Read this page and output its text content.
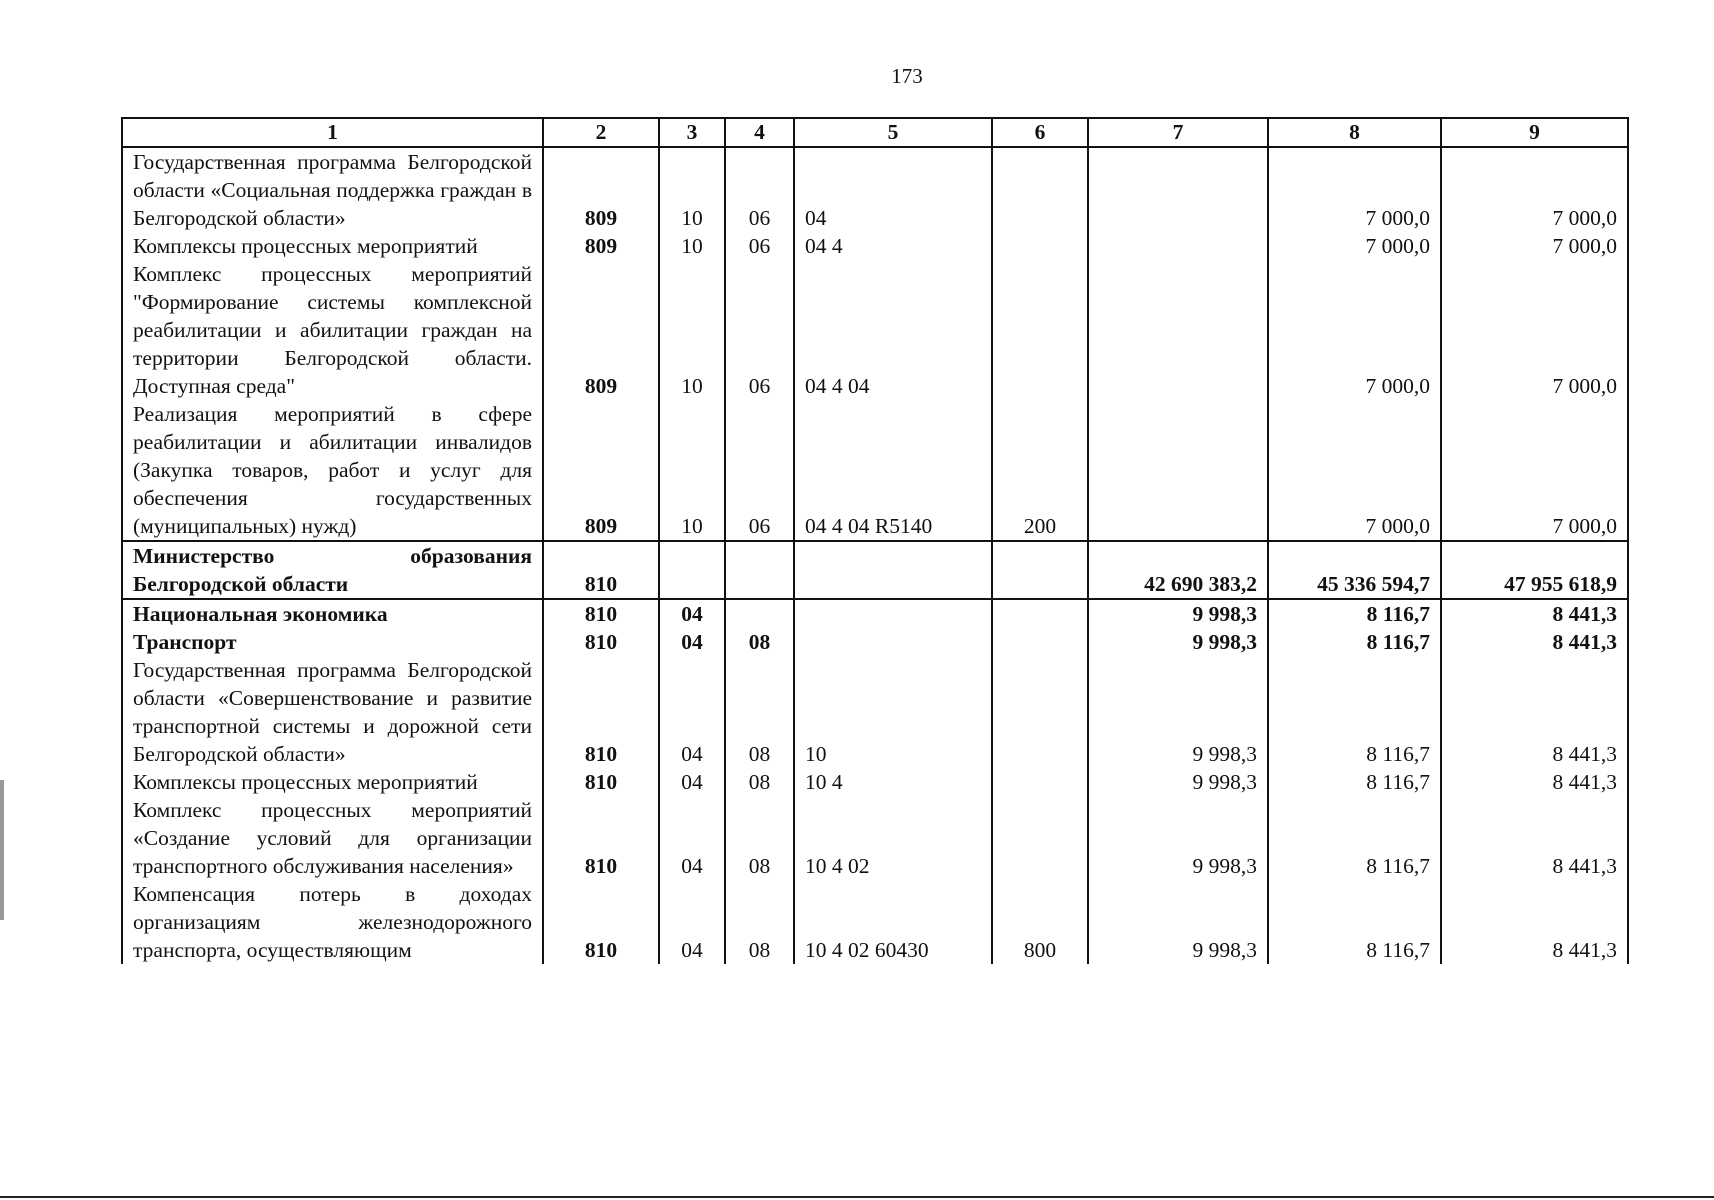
173
1	2	3	4	5	6	7	8	9
Государственная программа Белгородской области «Социальная поддержка граждан в Белгородской области»	809	10	06	04			7 000,0	7 000,0
Комплексы процессных мероприятий	809	10	06	04 4			7 000,0	7 000,0
Комплекс процессных мероприятий "Формирование системы комплексной реабилитации и абилитации граждан на территории Белгородской области. Доступная среда"	809	10	06	04 4 04			7 000,0	7 000,0
Реализация мероприятий в сфере реабилитации и абилитации инвалидов (Закупка товаров, работ и услуг для обеспечения государственных (муниципальных) нужд)	809	10	06	04 4 04 R5140	200		7 000,0	7 000,0
Министерство образования Белгородской области	810					42 690 383,2	45 336 594,7	47 955 618,9
Национальная экономика	810	04				9 998,3	8 116,7	8 441,3
Транспорт	810	04	08			9 998,3	8 116,7	8 441,3
Государственная программа Белгородской области «Совершенствование и развитие транспортной системы и дорожной сети Белгородской области»	810	04	08	10		9 998,3	8 116,7	8 441,3
Комплексы процессных мероприятий	810	04	08	10 4		9 998,3	8 116,7	8 441,3
Комплекс процессных мероприятий «Создание условий для организации транспортного обслуживания населения»	810	04	08	10 4 02		9 998,3	8 116,7	8 441,3
Компенсация потерь в доходах организациям железнодорожного транспорта, осуществляющим	810	04	08	10 4 02 60430	800	9 998,3	8 116,7	8 441,3
